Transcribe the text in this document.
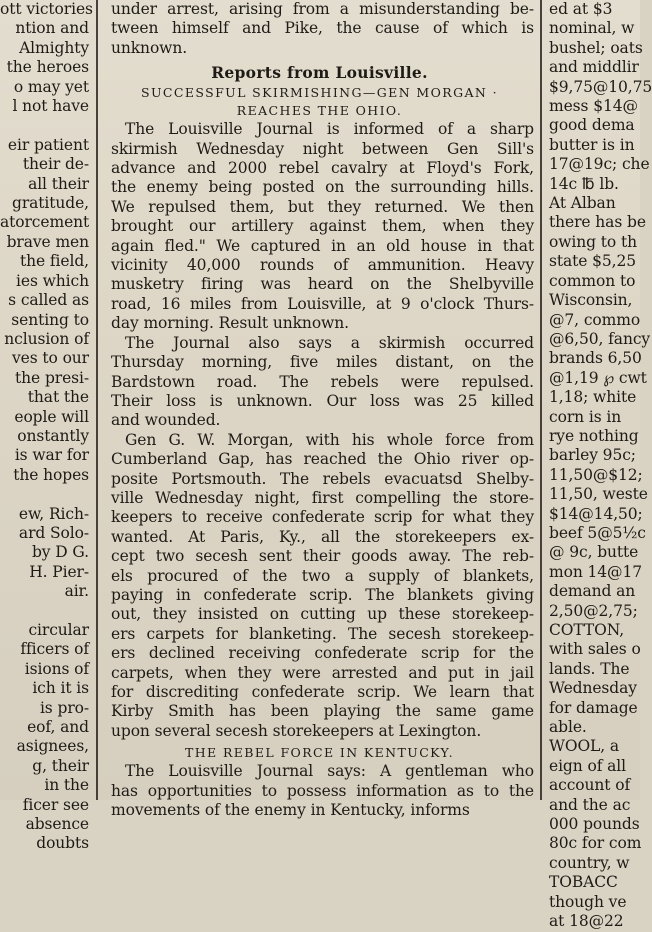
ott victories
ntion and
Almighty
the heroes
o may yet
l not have

eir patient
their de-
all their
gratitude,
atorcement
brave men
the field,
ies which
s called as
senting to
nclusion of
ves to our
the presi-
that the
eople will
onstantly
is war for
the hopes

ew, Rich-
ard Solo-
by D G.
H. Pier-
air.

circular
fficers of
isions of
ich it is
is pro-
eof, and
asignees,
g, their
in the
ficer see
absence
doubts
under arrest, arising from a misunderstanding be-
tween himself and Pike, the cause of which is
unknown.
Reports from Louisville.
SUCCESSFUL SKIRMISHING—GEN MORGAN ·
REACHES THE OHIO.
The Louisville Journal is informed of a sharp
skirmish Wednesday night between Gen Sill's
advance and 2000 rebel cavalry at Floyd's Fork,
the enemy being posted on the surrounding hills.
We repulsed them, but they returned. We then
brought our artillery against them, when they
again fled." We captured in an old house in that
vicinity 40,000 rounds of ammunition. Heavy
musketry firing was heard on the Shelbyville
road, 16 miles from Louisville, at 9 o'clock Thurs-
day morning. Result unknown.
The Journal also says a skirmish occurred
Thursday morning, five miles distant, on the
Bardstown road. The rebels were repulsed.
Their loss is unknown. Our loss was 25 killed
and wounded.
Gen G. W. Morgan, with his whole force from
Cumberland Gap, has reached the Ohio river op-
posite Portsmouth. The rebels evacuatsd Shelby-
ville Wednesday night, first compelling the store-
keepers to receive confederate scrip for what they
wanted. At Paris, Ky., all the storekeepers ex-
cept two secesh sent their goods away. The reb-
els procured of the two a supply of blankets,
paying in confederate scrip. The blankets giving
out, they insisted on cutting up these storekeep-
ers carpets for blanketing. The secesh storekeep-
ers declined receiving confederate scrip for the
carpets, when they were arrested and put in jail
for discrediting confederate scrip. We learn that
Kirby Smith has been playing the same game
upon several secesh storekeepers at Lexington.
THE REBEL FORCE IN KENTUCKY.
The Louisville Journal says: A gentleman who
has opportunities to possess information as to the
movements of the enemy in Kentucky, informs
ed at $3
nominal, w
bushel; oats
and middlir
$9,75@10,75
mess $14@
good dema
butter is in
17@19c; che
14c ℔ lb.
At Alban
there has be
owing to th
state $5,25
common to
Wisconsin,
@7, commo
@6,50, fancy
brands 6,50
@1,19 ℘ cwt
1,18; white
corn is in
rye nothing
barley 95c;
11,50@$12;
11,50, weste
$14@14,50;
beef 5@5½c
@ 9c, butte
mon 14@17
demand an
2,50@2,75;
COTTON,
with sales o
lands. The
Wednesday
for damage
able.
WOOL, a
eign of all
account of
and the ac
000 pounds
80c for com
country, w
TOBACC
though ve
at 18@22
